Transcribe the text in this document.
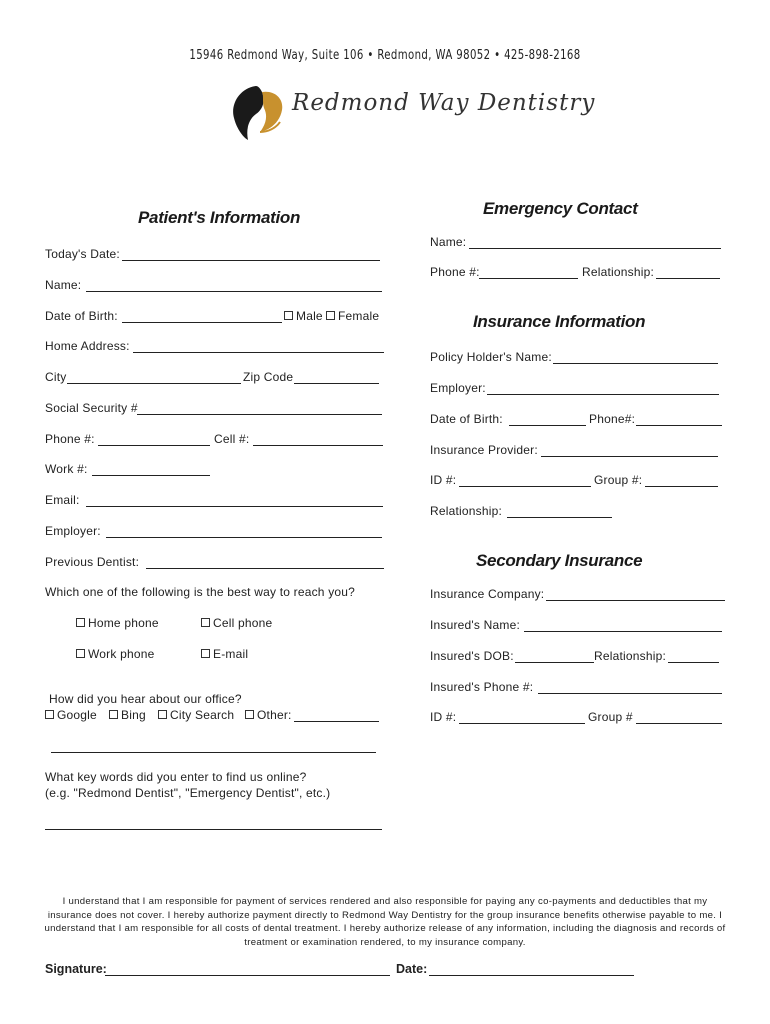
15946 Redmond Way, Suite 106 • Redmond, WA 98052 • 425-898-2168
Redmond Way Dentistry
Patient's Information
Today's Date:
Name:
Date of Birth:	Male	Female
Home Address:
City	Zip Code
Social Security #
Phone #:	Cell #:
Work #:
Email:
Employer:
Previous Dentist:
Which one of the following is the best way to reach you?
Home phone	Cell phone
Work phone	E-mail
How did you hear about our office?
Google	Bing	City Search	Other:
What key words did you enter to find us online?
(e.g. "Redmond Dentist", "Emergency Dentist", etc.)
Emergency Contact
Name:
Phone #:	Relationship:
Insurance Information
Policy Holder's Name:
Employer:
Date of Birth:	Phone#:
Insurance Provider:
ID #:	Group #:
Relationship:
Secondary Insurance
Insurance Company:
Insured's Name:
Insured's DOB:	Relationship:
Insured's Phone #:
ID #:	Group #
I understand that I am responsible for payment of services rendered and also responsible for paying any co-payments and deductibles that my insurance does not cover. I hereby authorize payment directly to Redmond Way Dentistry for the group insurance benefits otherwise payable to me. I understand that I am responsible for all costs of dental treatment. I hereby authorize release of any information, including the diagnosis and records of treatment or examination rendered, to my insurance company.
Signature:	Date:
